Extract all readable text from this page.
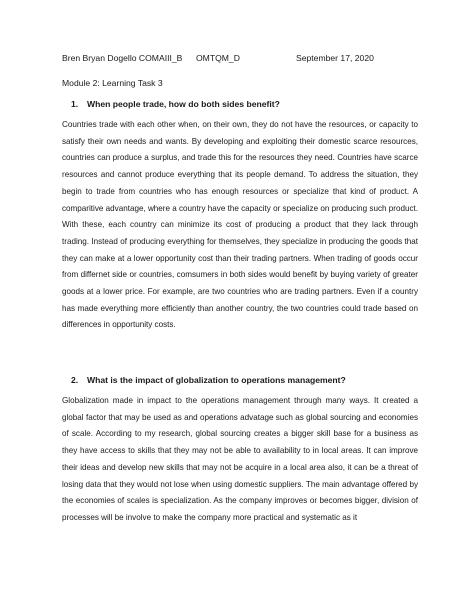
Bren Bryan Dogello COMAIII_B OMTQM_D	September 17, 2020
Module 2: Learning Task 3
1. When people trade, how do both sides benefit?

Countries trade with each other when, on their own, they do not have the resources, or capacity to satisfy their own needs and wants. By developing and exploiting their domestic scarce resources, countries can produce a surplus, and trade this for the resources they need. Countries have scarce resources and cannot produce everything that its people demand. To address the situation, they begin to trade from countries who has enough resources or specialize that kind of product. A comparitive advantage, where a country have the capacity or specialize on producing such product. With these, each country can minimize its cost of producing a product that they lack through trading. Instead of producing everything for themselves, they specialize in producing the goods that they can make at a lower opportunity cost than their trading partners. When trading of goods occur from differnet side or countries, comsumers in both sides would benefit by buying variety of greater goods at a lower price. For example, are two countries who are trading partners. Even if a country has made everything more efficiently than another country, the two countries could trade based on differences in opportunity costs.

2. What is the impact of globalization to operations management?

Globalization made in impact to the operations management through many ways. It created a global factor that may be used as and operations advatage such as global sourcing and economies of scale. According to my research, global sourcing creates a bigger skill base for a business as they have access to skills that they may not be able to availability to in local areas. It can improve their ideas and develop new skills that may not be acquire in a local area also, it can be a threat of losing data that they would not lose when using domestic suppliers. The main advantage offered by the economies of scales is specialization. As the company improves or becomes bigger, division of processes will be involve to make the company more practical and systematic as it
